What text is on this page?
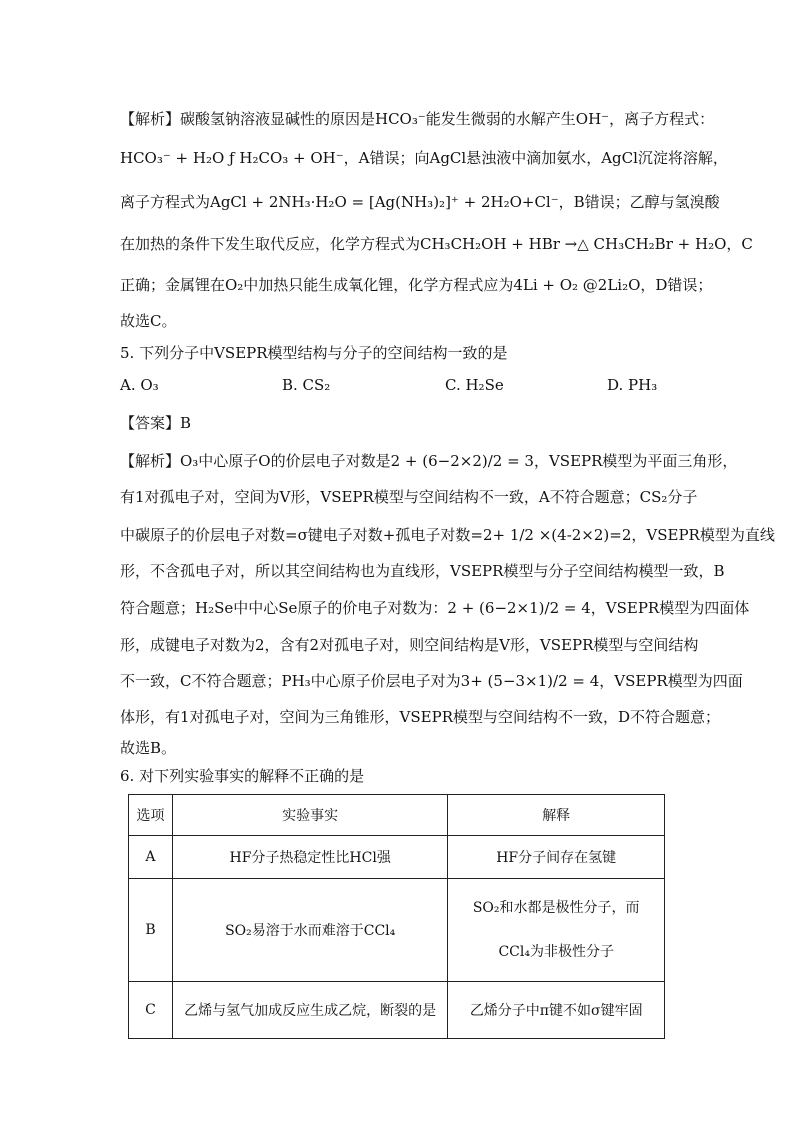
【解析】碳酸氢钠溶液显碱性的原因是HCO₃⁻能发生微弱的水解产生OH⁻，离子方程式：
HCO₃⁻ + H₂O ƒ H₂CO₃ + OH⁻，A错误；向AgCl悬浊液中滴加氨水，AgCl沉淀将溶解，
离子方程式为AgCl + 2NH₃·H₂O = [Ag(NH₃)₂]⁺ + 2H₂O+Cl⁻，B错误；乙醇与氢溴酸
在加热的条件下发生取代反应，化学方程式为CH₃CH₂OH + HBr →△ CH₃CH₂Br + H₂O，C
正确；金属锂在O₂中加热只能生成氧化锂，化学方程式应为4Li + O₂ @2Li₂O，D错误；
故选C。
5. 下列分子中VSEPR模型结构与分子的空间结构一致的是
A. O₃	B. CS₂	C. H₂Se	D. PH₃
【答案】B
【解析】O₃中心原子O的价层电子对数是2 + (6−2×2)/2 = 3，VSEPR模型为平面三角形，
有1对孤电子对，空间为V形，VSEPR模型与空间结构不一致，A不符合题意；CS₂分子
中碳原子的价层电子对数=σ键电子对数+孤电子对数=2+ 1/2 ×(4-2×2)=2，VSEPR模型为直线
形，不含孤电子对，所以其空间结构也为直线形，VSEPR模型与分子空间结构模型一致，B
符合题意；H₂Se中中心Se原子的价电子对数为：2 + (6−2×1)/2 = 4，VSEPR模型为四面体
形，成键电子对数为2，含有2对孤电子对，则空间结构是V形，VSEPR模型与空间结构
不一致，C不符合题意；PH₃中心原子价层电子对为3+ (5−3×1)/2 = 4，VSEPR模型为四面
体形，有1对孤电子对，空间为三角锥形，VSEPR模型与空间结构不一致，D不符合题意；
故选B。
6. 对下列实验事实的解释不正确的是
选项	实验事实	解释
A	HF分子热稳定性比HCl强	HF分子间存在氢键
B	SO₂易溶于水而难溶于CCl₄	SO₂和水都是极性分子，而
CCl₄为非极性分子

C	乙烯与氢气加成反应生成乙烷，断裂的是	乙烯分子中π键不如σ键牢固
